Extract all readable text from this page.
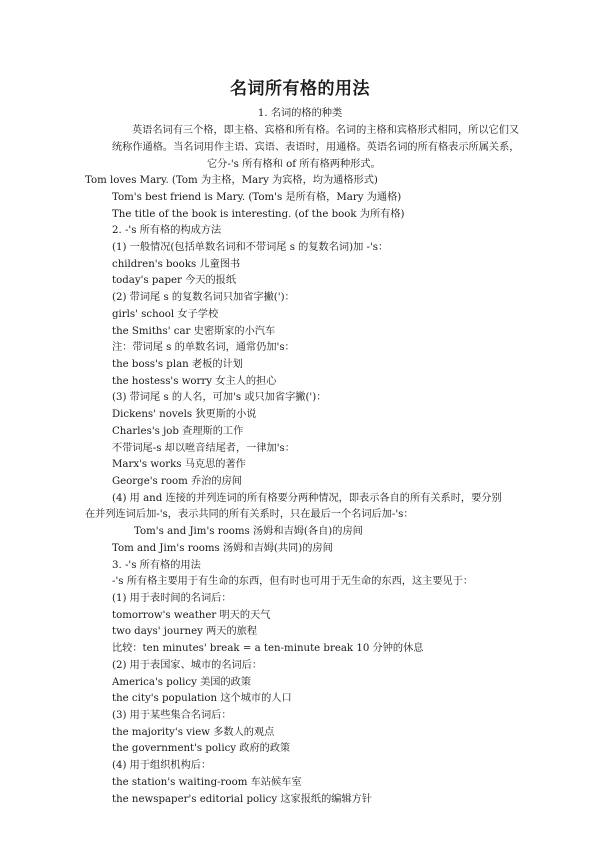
名词所有格的用法
1. 名词的格的种类
英语名词有三个格，即主格、宾格和所有格。名词的主格和宾格形式相同，所以它们又
统称作通格。当名词用作主语、宾语、表语时，用通格。英语名词的所有格表示所属关系，
它分-'s 所有格和 of 所有格两种形式。
Tom loves Mary. (Tom 为主格，Mary 为宾格，均为通格形式)
Tom's best friend is Mary. (Tom's 是所有格，Mary 为通格)
The title of the book is interesting. (of the book 为所有格)
2. -'s 所有格的构成方法
(1) 一般情况(包括单数名词和不带词尾 s 的复数名词)加 -'s：
children's books 儿童图书
today's paper 今天的报纸
(2) 带词尾 s 的复数名词只加省字撇(')：
girls' school 女子学校
the Smiths' car 史密斯家的小汽车
注：带词尾 s 的单数名词，通常仍加's：
the boss's plan 老板的计划
the hostess's worry 女主人的担心
(3) 带词尾 s 的人名，可加's 或只加省字撇(')：
Dickens' novels 狄更斯的小说
Charles's job 查理斯的工作
不带词尾-s 却以咝音结尾者，一律加's：
Marx's works 马克思的著作
George's room 乔治的房间
(4) 用 and 连接的并列连词的所有格要分两种情况，即表示各自的所有关系时，要分别
在并列连词后加-'s，表示共同的所有关系时，只在最后一个名词后加-'s：
Tom's and Jim's rooms 汤姆和吉姆(各自)的房间
Tom and Jim's rooms 汤姆和吉姆(共同)的房间
3. -'s 所有格的用法
-'s 所有格主要用于有生命的东西，但有时也可用于无生命的东西，这主要见于：
(1) 用于表时间的名词后：
tomorrow's weather 明天的天气
two days' journey 两天的旅程
比较：ten minutes' break = a ten-minute break 10 分钟的休息
(2) 用于表国家、城市的名词后：
America's policy 美国的政策
the city's population 这个城市的人口
(3) 用于某些集合名词后：
the majority's view 多数人的观点
the government's policy 政府的政策
(4) 用于组织机构后：
the station's waiting-room 车站候车室
the newspaper's editorial policy 这家报纸的编辑方针
